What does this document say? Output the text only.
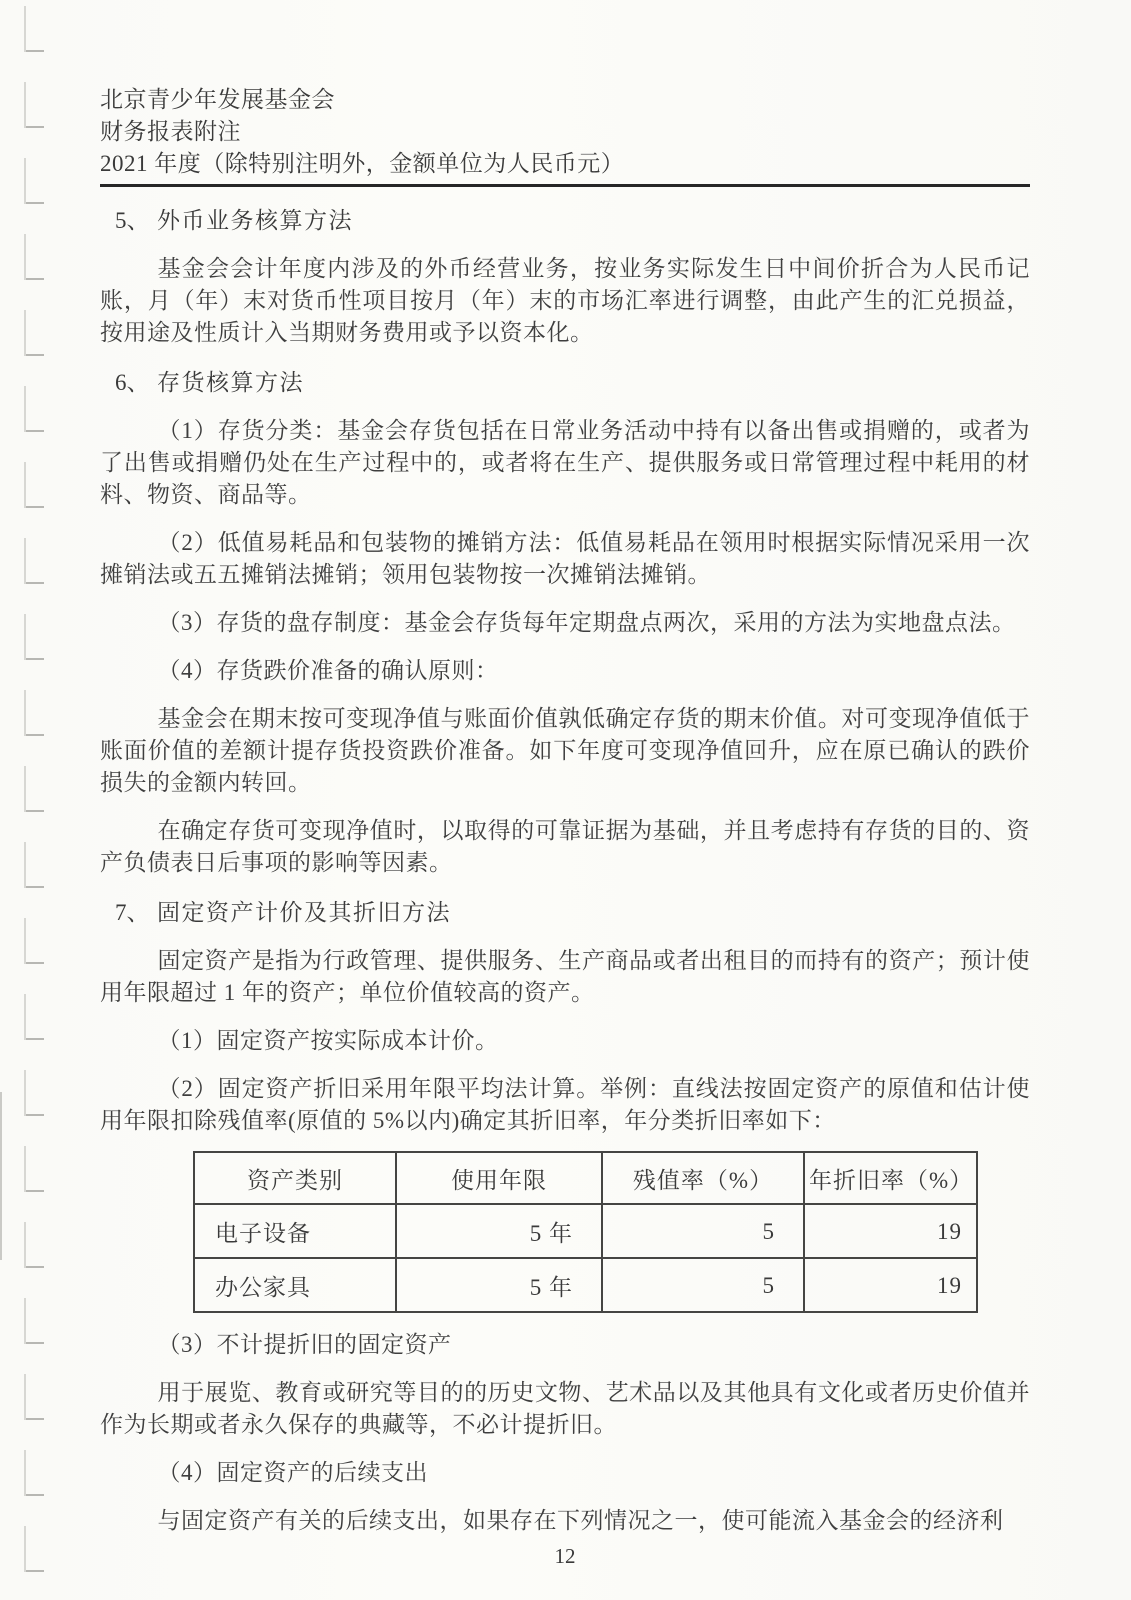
北京青少年发展基金会
财务报表附注
2021 年度（除特别注明外，金额单位为人民币元）
5、 外币业务核算方法

基金会会计年度内涉及的外币经营业务，按业务实际发生日中间价折合为人民币记账，月（年）末对货币性项目按月（年）末的市场汇率进行调整，由此产生的汇兑损益，按用途及性质计入当期财务费用或予以资本化。

6、 存货核算方法

（1）存货分类：基金会存货包括在日常业务活动中持有以备出售或捐赠的，或者为了出售或捐赠仍处在生产过程中的，或者将在生产、提供服务或日常管理过程中耗用的材料、物资、商品等。

（2）低值易耗品和包装物的摊销方法：低值易耗品在领用时根据实际情况采用一次摊销法或五五摊销法摊销；领用包装物按一次摊销法摊销。

（3）存货的盘存制度：基金会存货每年定期盘点两次，采用的方法为实地盘点法。

（4）存货跌价准备的确认原则：

基金会在期末按可变现净值与账面价值孰低确定存货的期末价值。对可变现净值低于账面价值的差额计提存货投资跌价准备。如下年度可变现净值回升，应在原已确认的跌价损失的金额内转回。

在确定存货可变现净值时，以取得的可靠证据为基础，并且考虑持有存货的目的、资产负债表日后事项的影响等因素。

7、 固定资产计价及其折旧方法

固定资产是指为行政管理、提供服务、生产商品或者出租目的而持有的资产；预计使用年限超过 1 年的资产；单位价值较高的资产。

（1）固定资产按实际成本计价。

（2）固定资产折旧采用年限平均法计算。举例：直线法按固定资产的原值和估计使用年限扣除残值率(原值的 5%以内)确定其折旧率，年分类折旧率如下：

资产类别	使用年限	残值率（%）	年折旧率（%）
电子设备	5 年	5	19
办公家具	5 年	5	19

（3）不计提折旧的固定资产

用于展览、教育或研究等目的的历史文物、艺术品以及其他具有文化或者历史价值并作为长期或者永久保存的典藏等，不必计提折旧。

（4）固定资产的后续支出

与固定资产有关的后续支出，如果存在下列情况之一，使可能流入基金会的经济利

12
